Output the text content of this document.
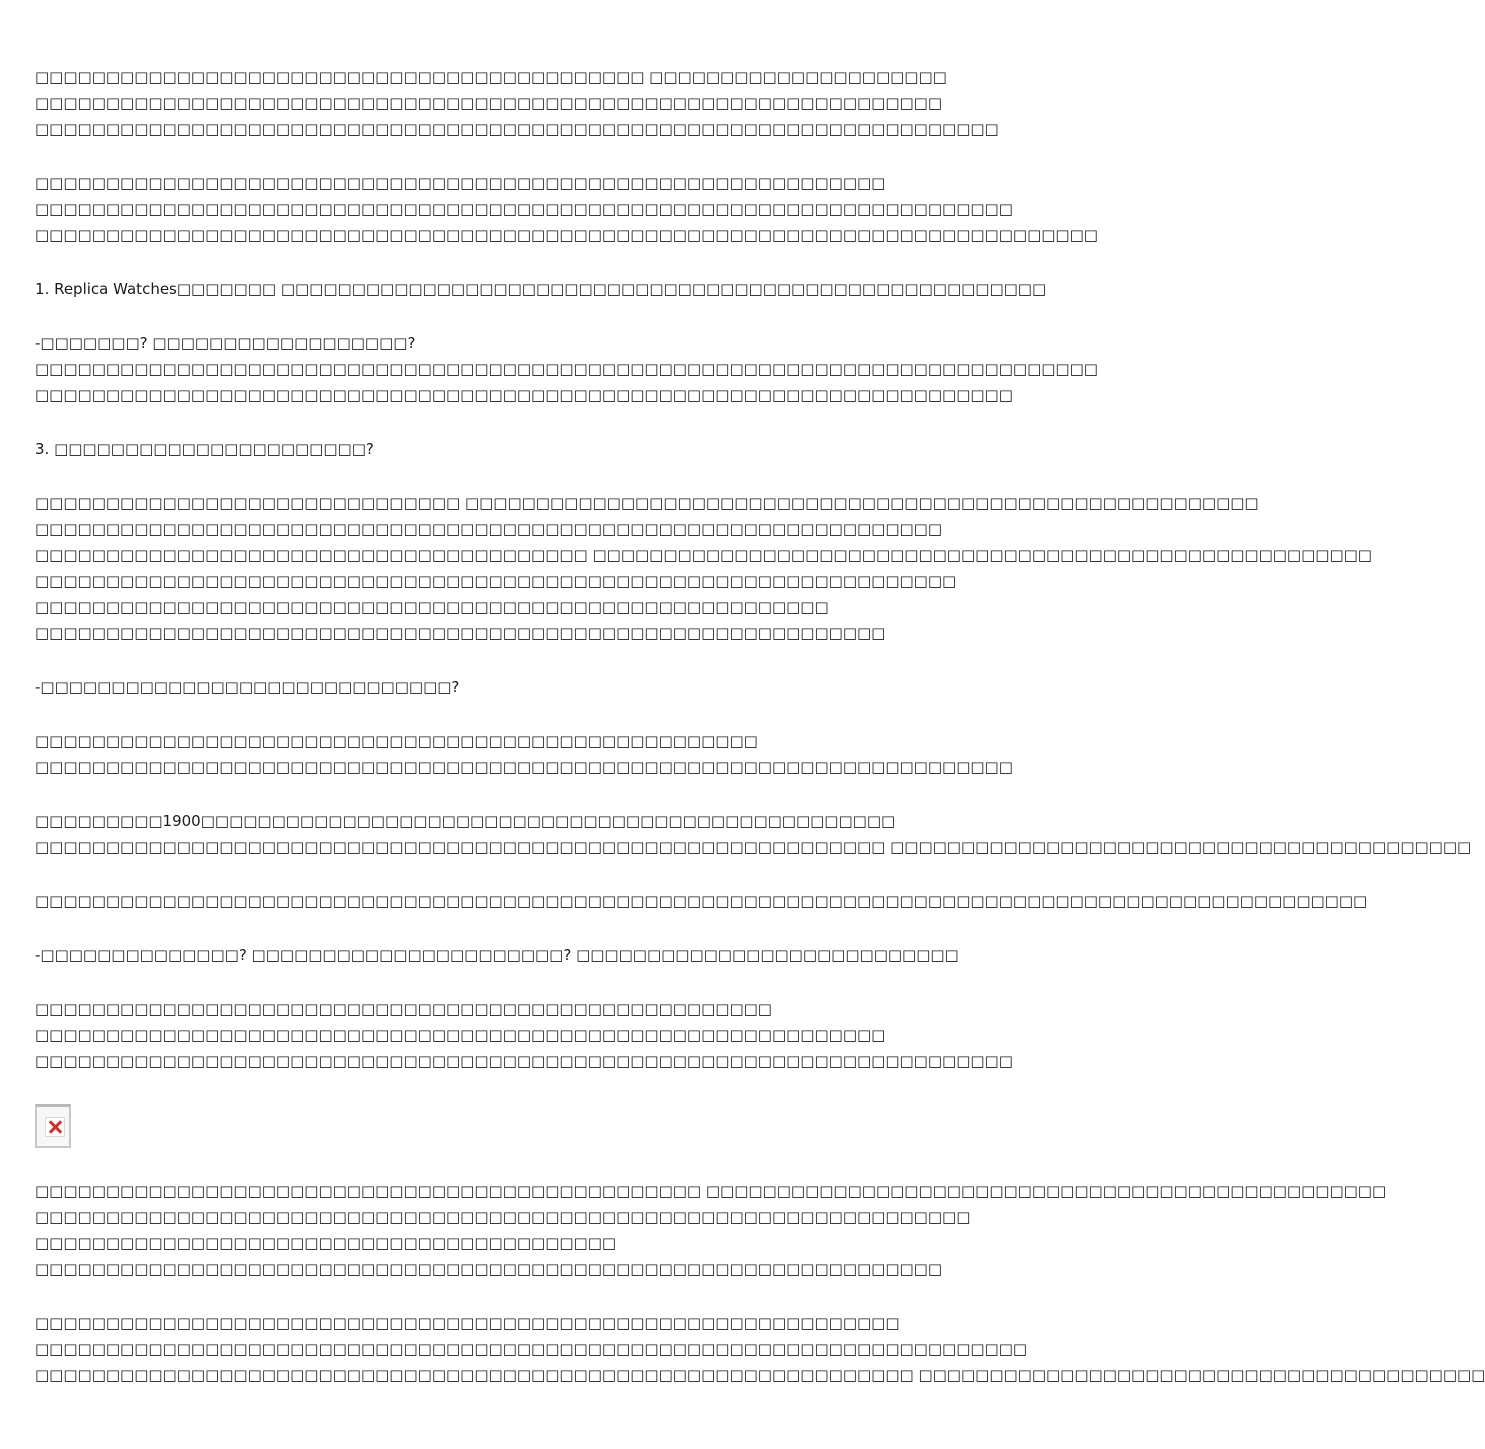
□□□□□□□□□□□□□□□□□□□□□□□□□□□□□□□□□□□□□□□□□□□ □□□□□□□□□□□□□□□□□□□□□
□□□□□□□□□□□□□□□□□□□□□□□□□□□□□□□□□□□□□□□□□□□□□□□□□□□□□□□□□□□□□□□□
□□□□□□□□□□□□□□□□□□□□□□□□□□□□□□□□□□□□□□□□□□□□□□□□□□□□□□□□□□□□□□□□□□□□
□□□□□□□□□□□□□□□□□□□□□□□□□□□□□□□□□□□□□□□□□□□□□□□□□□□□□□□□□□□□
□□□□□□□□□□□□□□□□□□□□□□□□□□□□□□□□□□□□□□□□□□□□□□□□□□□□□□□□□□□□□□□□□□□□□
□□□□□□□□□□□□□□□□□□□□□□□□□□□□□□□□□□□□□□□□□□□□□□□□□□□□□□□□□□□□□□□□□□□□□□□□□□□
1. Replica Watches□□□□□□□ □□□□□□□□□□□□□□□□□□□□□□□□□□□□□□□□□□□□□□□□□□□□□□□□□□□□□□
-□□□□□□□? □□□□□□□□□□□□□□□□□□?
□□□□□□□□□□□□□□□□□□□□□□□□□□□□□□□□□□□□□□□□□□□□□□□□□□□□□□□□□□□□□□□□□□□□□□□□□□□
□□□□□□□□□□□□□□□□□□□□□□□□□□□□□□□□□□□□□□□□□□□□□□□□□□□□□□□□□□□□□□□□□□□□□
3. □□□□□□□□□□□□□□□□□□□□□□?
□□□□□□□□□□□□□□□□□□□□□□□□□□□□□□ □□□□□□□□□□□□□□□□□□□□□□□□□□□□□□□□□□□□□□□□□□□□□□□□□□□□□□□□
□□□□□□□□□□□□□□□□□□□□□□□□□□□□□□□□□□□□□□□□□□□□□□□□□□□□□□□□□□□□□□□□
□□□□□□□□□□□□□□□□□□□□□□□□□□□□□□□□□□□□□□□ □□□□□□□□□□□□□□□□□□□□□□□□□□□□□□□□□□□□□□□□□□□□□□□□□□□□□□□
□□□□□□□□□□□□□□□□□□□□□□□□□□□□□□□□□□□□□□□□□□□□□□□□□□□□□□□□□□□□□□□□□
□□□□□□□□□□□□□□□□□□□□□□□□□□□□□□□□□□□□□□□□□□□□□□□□□□□□□□□□
□□□□□□□□□□□□□□□□□□□□□□□□□□□□□□□□□□□□□□□□□□□□□□□□□□□□□□□□□□□□
-□□□□□□□□□□□□□□□□□□□□□□□□□□□□□?
□□□□□□□□□□□□□□□□□□□□□□□□□□□□□□□□□□□□□□□□□□□□□□□□□□□
□□□□□□□□□□□□□□□□□□□□□□□□□□□□□□□□□□□□□□□□□□□□□□□□□□□□□□□□□□□□□□□□□□□□□
□□□□□□□□□1900□□□□□□□□□□□□□□□□□□□□□□□□□□□□□□□□□□□□□□□□□□□□□□□□□
□□□□□□□□□□□□□□□□□□□□□□□□□□□□□□□□□□□□□□□□□□□□□□□□□□□□□□□□□□□□ □□□□□□□□□□□□□□□□□□□□□□□□□□□□□□□□□□□□□□□□□
□□□□□□□□□□□□□□□□□□□□□□□□□□□□□□□□□□□□□□□□□□□□□□□□□□□□□□□□□□□□□□□□□□□□□□□□□□□□□□□□□□□□□□□□□□□□□□
-□□□□□□□□□□□□□□? □□□□□□□□□□□□□□□□□□□□□□? □□□□□□□□□□□□□□□□□□□□□□□□□□□
□□□□□□□□□□□□□□□□□□□□□□□□□□□□□□□□□□□□□□□□□□□□□□□□□□□□
□□□□□□□□□□□□□□□□□□□□□□□□□□□□□□□□□□□□□□□□□□□□□□□□□□□□□□□□□□□□
□□□□□□□□□□□□□□□□□□□□□□□□□□□□□□□□□□□□□□□□□□□□□□□□□□□□□□□□□□□□□□□□□□□□□
□□□□□□□□□□□□□□□□□□□□□□□□□□□□□□□□□□□□□□□□□□□□□□□ □□□□□□□□□□□□□□□□□□□□□□□□□□□□□□□□□□□□□□□□□□□□□□□□
□□□□□□□□□□□□□□□□□□□□□□□□□□□□□□□□□□□□□□□□□□□□□□□□□□□□□□□□□□□□□□□□□□
□□□□□□□□□□□□□□□□□□□□□□□□□□□□□□□□□□□□□□□□□
□□□□□□□□□□□□□□□□□□□□□□□□□□□□□□□□□□□□□□□□□□□□□□□□□□□□□□□□□□□□□□□□
□□□□□□□□□□□□□□□□□□□□□□□□□□□□□□□□□□□□□□□□□□□□□□□□□□□□□□□□□□□□□
□□□□□□□□□□□□□□□□□□□□□□□□□□□□□□□□□□□□□□□□□□□□□□□□□□□□□□□□□□□□□□□□□□□□□□
□□□□□□□□□□□□□□□□□□□□□□□□□□□□□□□□□□□□□□□□□□□□□□□□□□□□□□□□□□□□□□ □□□□□□□□□□□□□□□□□□□□□□□□□□□□□□□□□□□□□□□□
